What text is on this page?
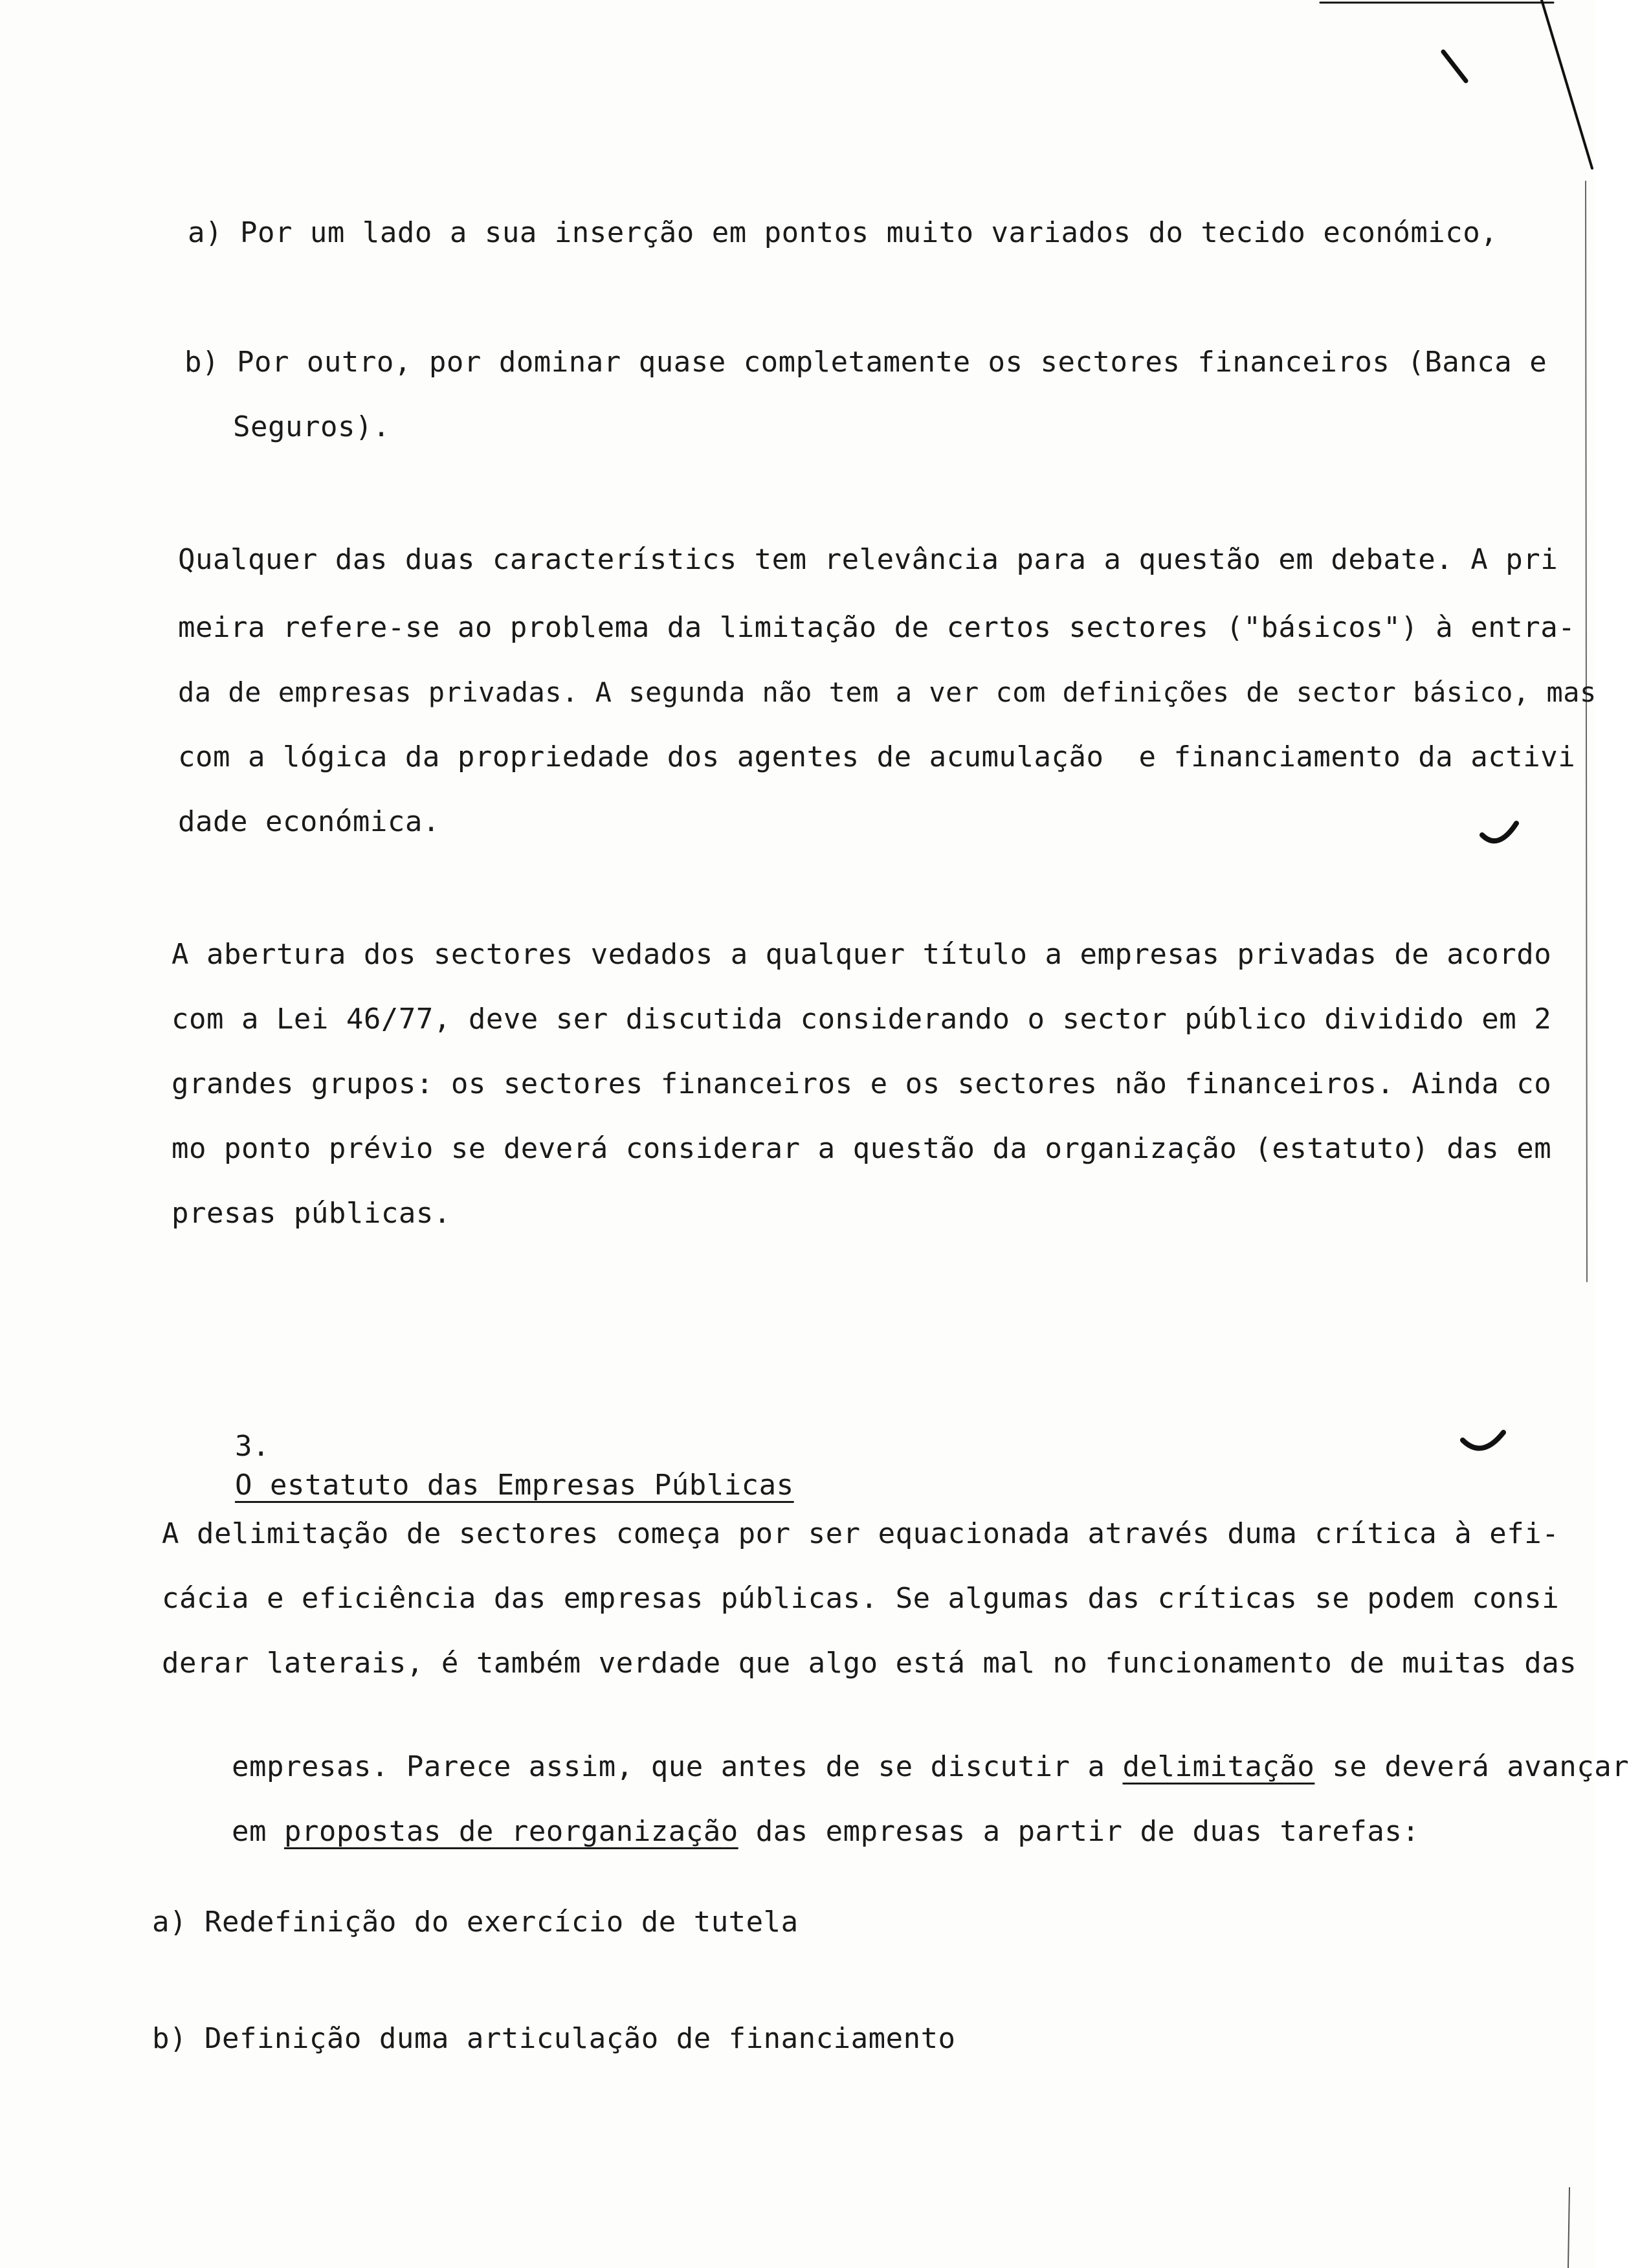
a) Por um lado a sua inserção em pontos muito variados do tecido económico,
b) Por outro, por dominar quase completamente os sectores financeiros (Banca e
Seguros).
Qualquer das duas característics tem relevância para a questão em debate. A pri
meira refere-se ao problema da limitação de certos sectores ("básicos") à entra-
da de empresas privadas. A segunda não tem a ver com definições de sector básico, mas
com a lógica da propriedade dos agentes de acumulação  e financiamento da activi
dade económica.
A abertura dos sectores vedados a qualquer título a empresas privadas de acordo
com a Lei 46/77, deve ser discutida considerando o sector público dividido em 2
grandes grupos: os sectores financeiros e os sectores não financeiros. Ainda co
mo ponto prévio se deverá considerar a questão da organização (estatuto) das em
presas públicas.

3.
O estatuto das Empresas Públicas

A delimitação de sectores começa por ser equacionada através duma crítica à efi-
cácia e eficiência das empresas públicas. Se algumas das críticas se podem consi
derar laterais, é também verdade que algo está mal no funcionamento de muitas das

empresas. Parece assim, que antes de se discutir a delimitação se deverá avançar

em propostas de reorganização das empresas a partir de duas tarefas:

a) Redefinição do exercício de tutela
b) Definição duma articulação de financiamento
